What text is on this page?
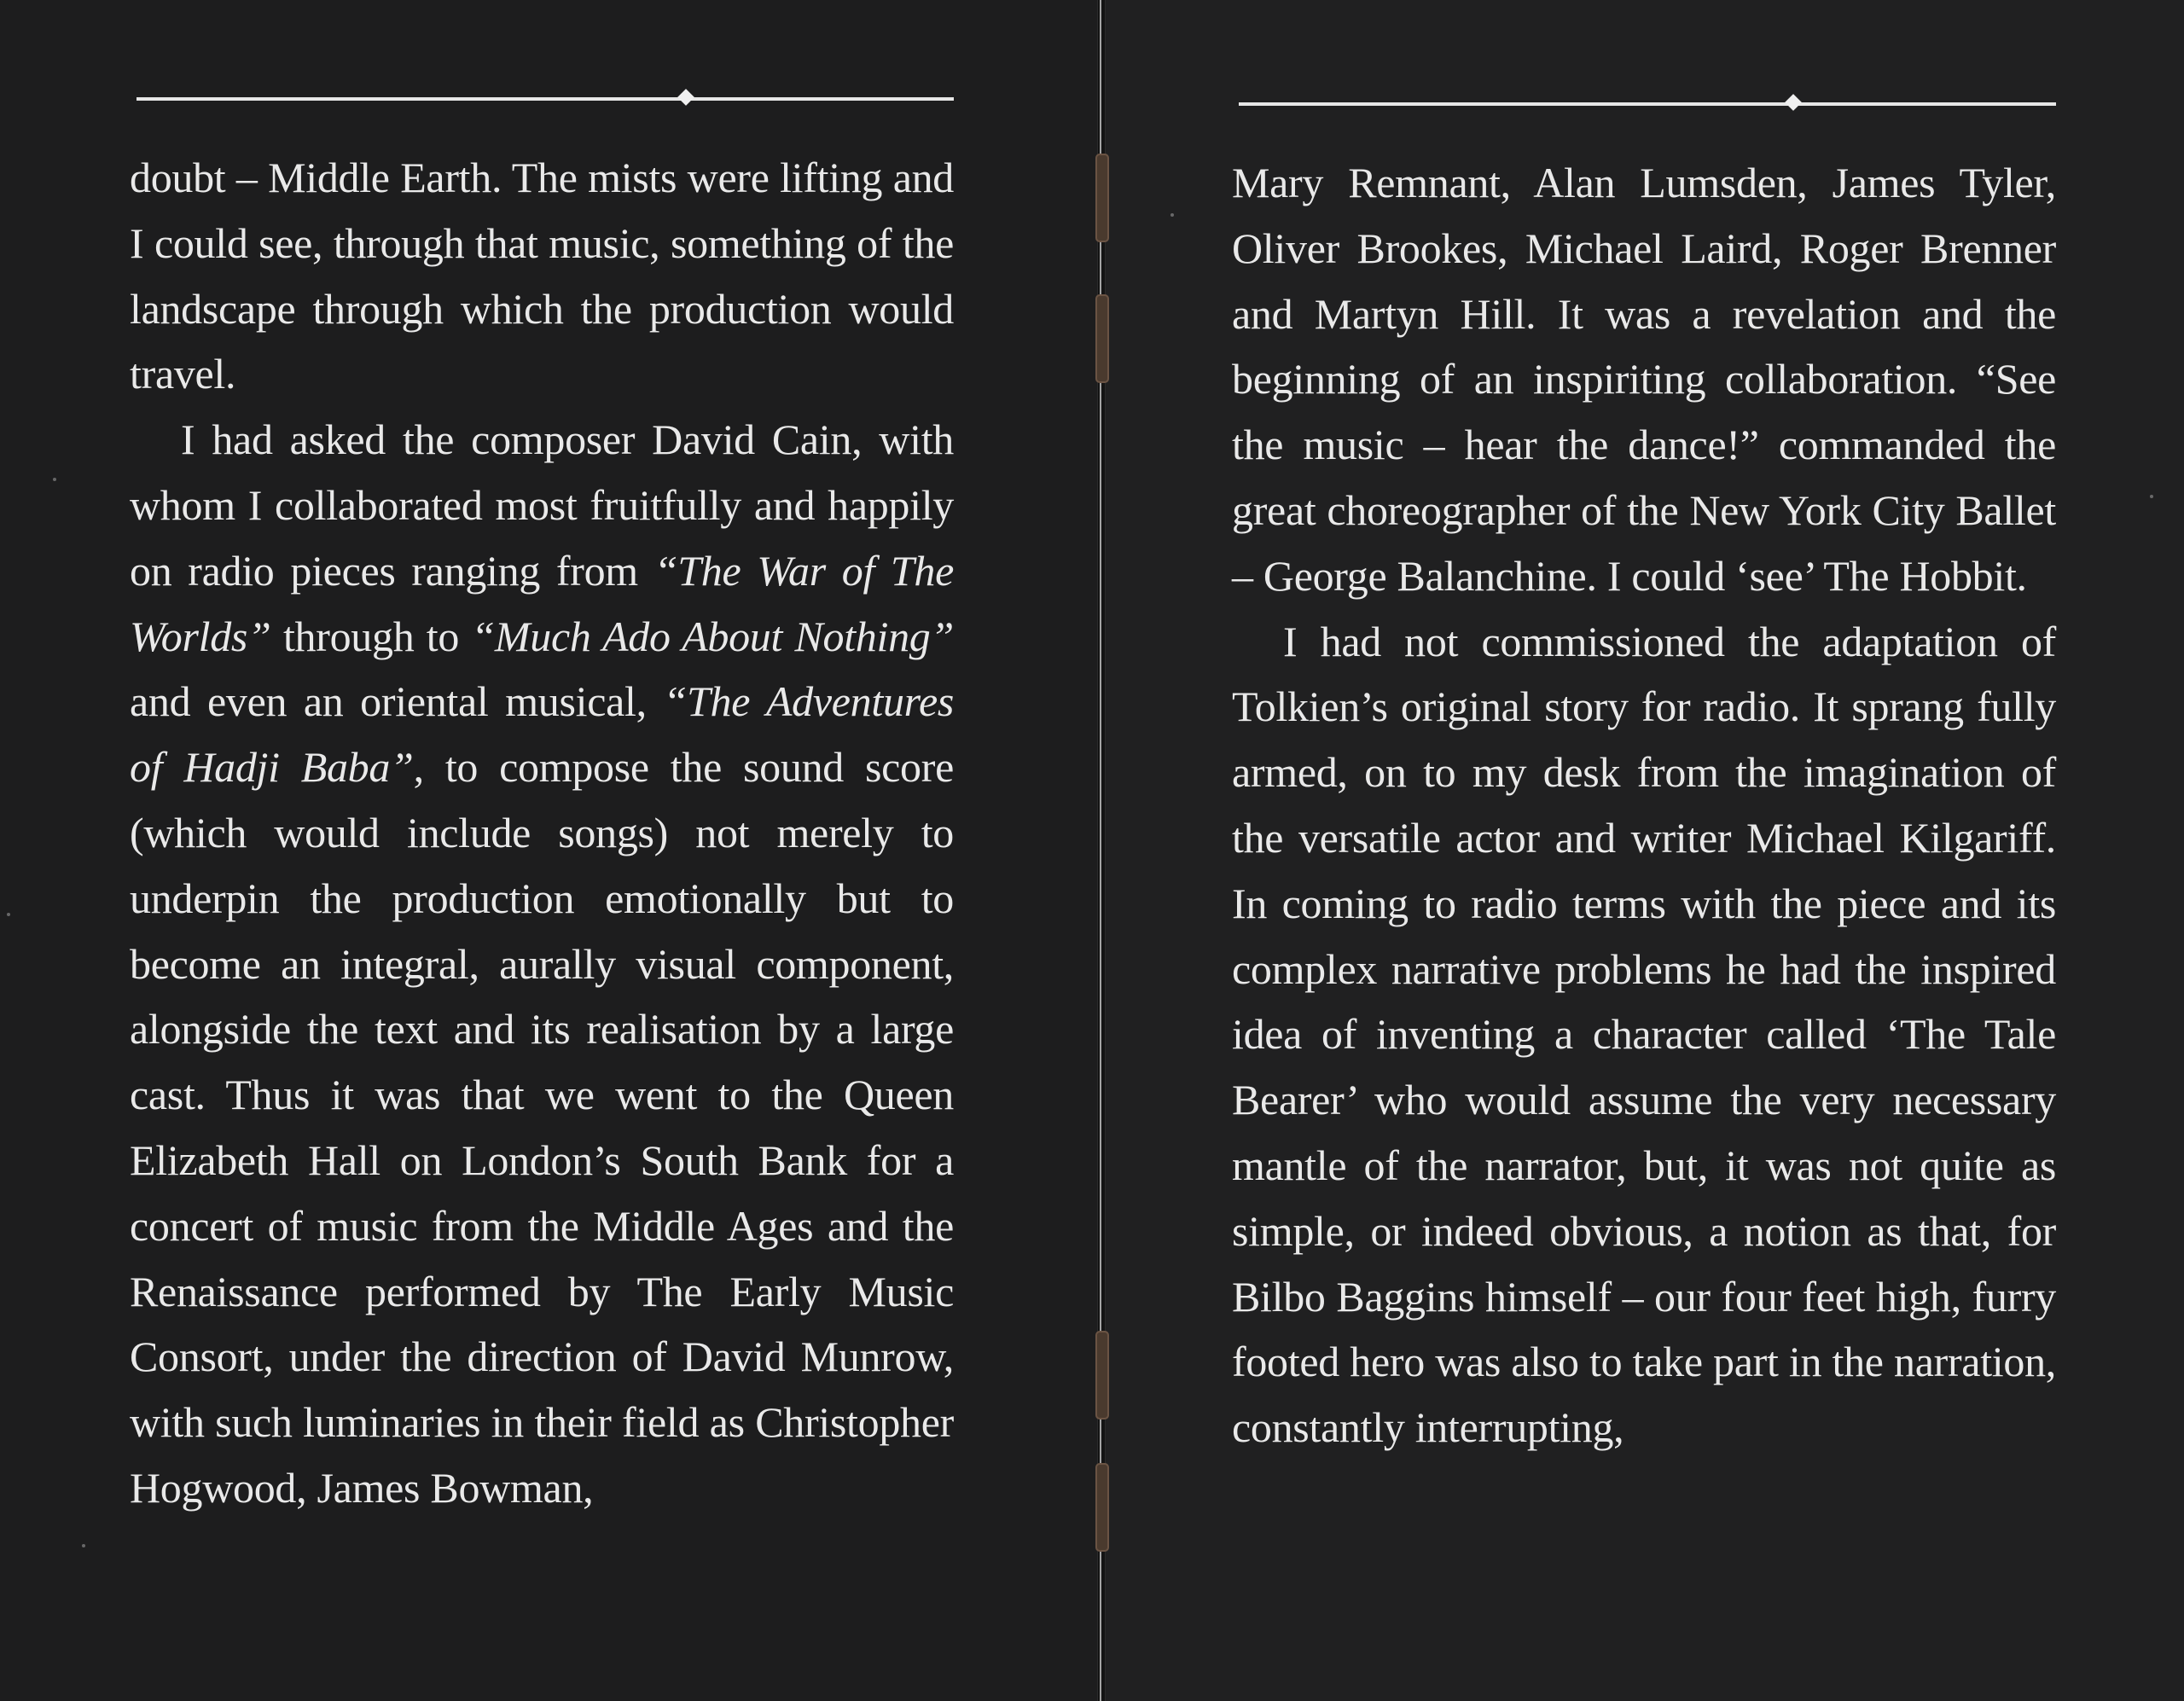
doubt – Middle Earth. The mists were lifting and I could see, through that music, something of the landscape through which the production would travel.

I had asked the composer David Cain, with whom I collaborated most fruitfully and happily on radio pieces ranging from “The War of The Worlds” through to “Much Ado About Nothing” and even an oriental musical, “The Adventures of Hadji Baba”, to compose the sound score (which would include songs) not merely to underpin the production emotionally but to become an integral, aurally visual component, alongside the text and its realisation by a large cast. Thus it was that we went to the Queen Elizabeth Hall on London’s South Bank for a concert of music from the Middle Ages and the Renaissance performed by The Early Music Consort, under the direction of David Munrow, with such luminaries in their field as Christopher Hogwood, James Bowman,

Mary Remnant, Alan Lumsden, James Tyler, Oliver Brookes, Michael Laird, Roger Brenner and Martyn Hill. It was a revelation and the beginning of an inspiriting collaboration. “See the music – hear the dance!” commanded the great choreographer of the New York City Ballet – George Balanchine. I could ‘see’ The Hobbit.

I had not commissioned the adaptation of Tolkien’s original story for radio. It sprang fully armed, on to my desk from the imagination of the versatile actor and writer Michael Kilgariff. In coming to radio terms with the piece and its complex narrative problems he had the inspired idea of inventing a character called ‘The Tale Bearer’ who would assume the very necessary mantle of the narrator, but, it was not quite as simple, or indeed obvious, a notion as that, for Bilbo Baggins himself – our four feet high, furry footed hero was also to take part in the narration, constantly interrupting,
